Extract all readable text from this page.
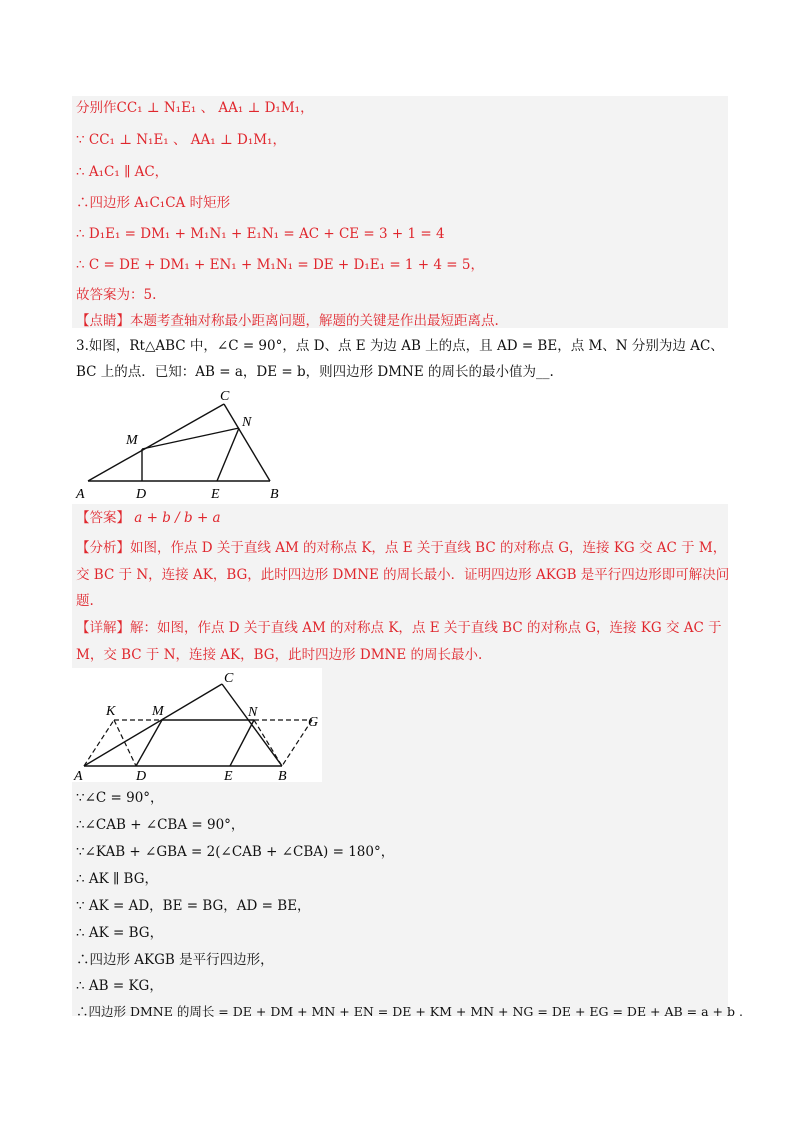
分别作CC₁ ⊥ N₁E₁ 、 AA₁ ⊥ D₁M₁，
∵ CC₁ ⊥ N₁E₁ 、 AA₁ ⊥ D₁M₁，
∴ A₁C₁ ∥ AC，
∴四边形 A₁C₁CA 时矩形
∴ D₁E₁ = DM₁ + M₁N₁ + E₁N₁ = AC + CE = 3 + 1 = 4
∴ C = DE + DM₁ + EN₁ + M₁N₁ = DE + D₁E₁ = 1 + 4 = 5，
故答案为：5.
【点睛】本题考查轴对称最小距离问题，解题的关键是作出最短距离点.
3.如图，Rt△ABC 中，∠C = 90°，点 D、点 E 为边 AB 上的点，且 AD = BE，点 M、N 分别为边 AC、
BC 上的点．已知：AB = a，DE = b，则四边形 DMNE 的周长的最小值为__.
C
M
N
A	D	E	B
【答案】 a + b / b + a
【分析】如图，作点 D 关于直线 AM 的对称点 K，点 E 关于直线 BC 的对称点 G，连接 KG 交 AC 于 M，
交 BC 于 N，连接 AK，BG，此时四边形 DMNE 的周长最小．证明四边形 AKGB 是平行四边形即可解决问
题.
【详解】解：如图，作点 D 关于直线 AM 的对称点 K，点 E 关于直线 BC 的对称点 G，连接 KG 交 AC 于
M，交 BC 于 N，连接 AK，BG，此时四边形 DMNE 的周长最小.
C
K	M	N
G
A	D	E	B
∵∠C = 90°，
∴∠CAB + ∠CBA = 90°，
∵∠KAB + ∠GBA = 2(∠CAB + ∠CBA) = 180°，
∴ AK ∥ BG，
∵ AK = AD，BE = BG，AD = BE，
∴ AK = BG，
∴四边形 AKGB 是平行四边形，
∴ AB = KG，
∴四边形 DMNE 的周长 = DE + DM + MN + EN = DE + KM + MN + NG = DE + EG = DE + AB = a + b .
